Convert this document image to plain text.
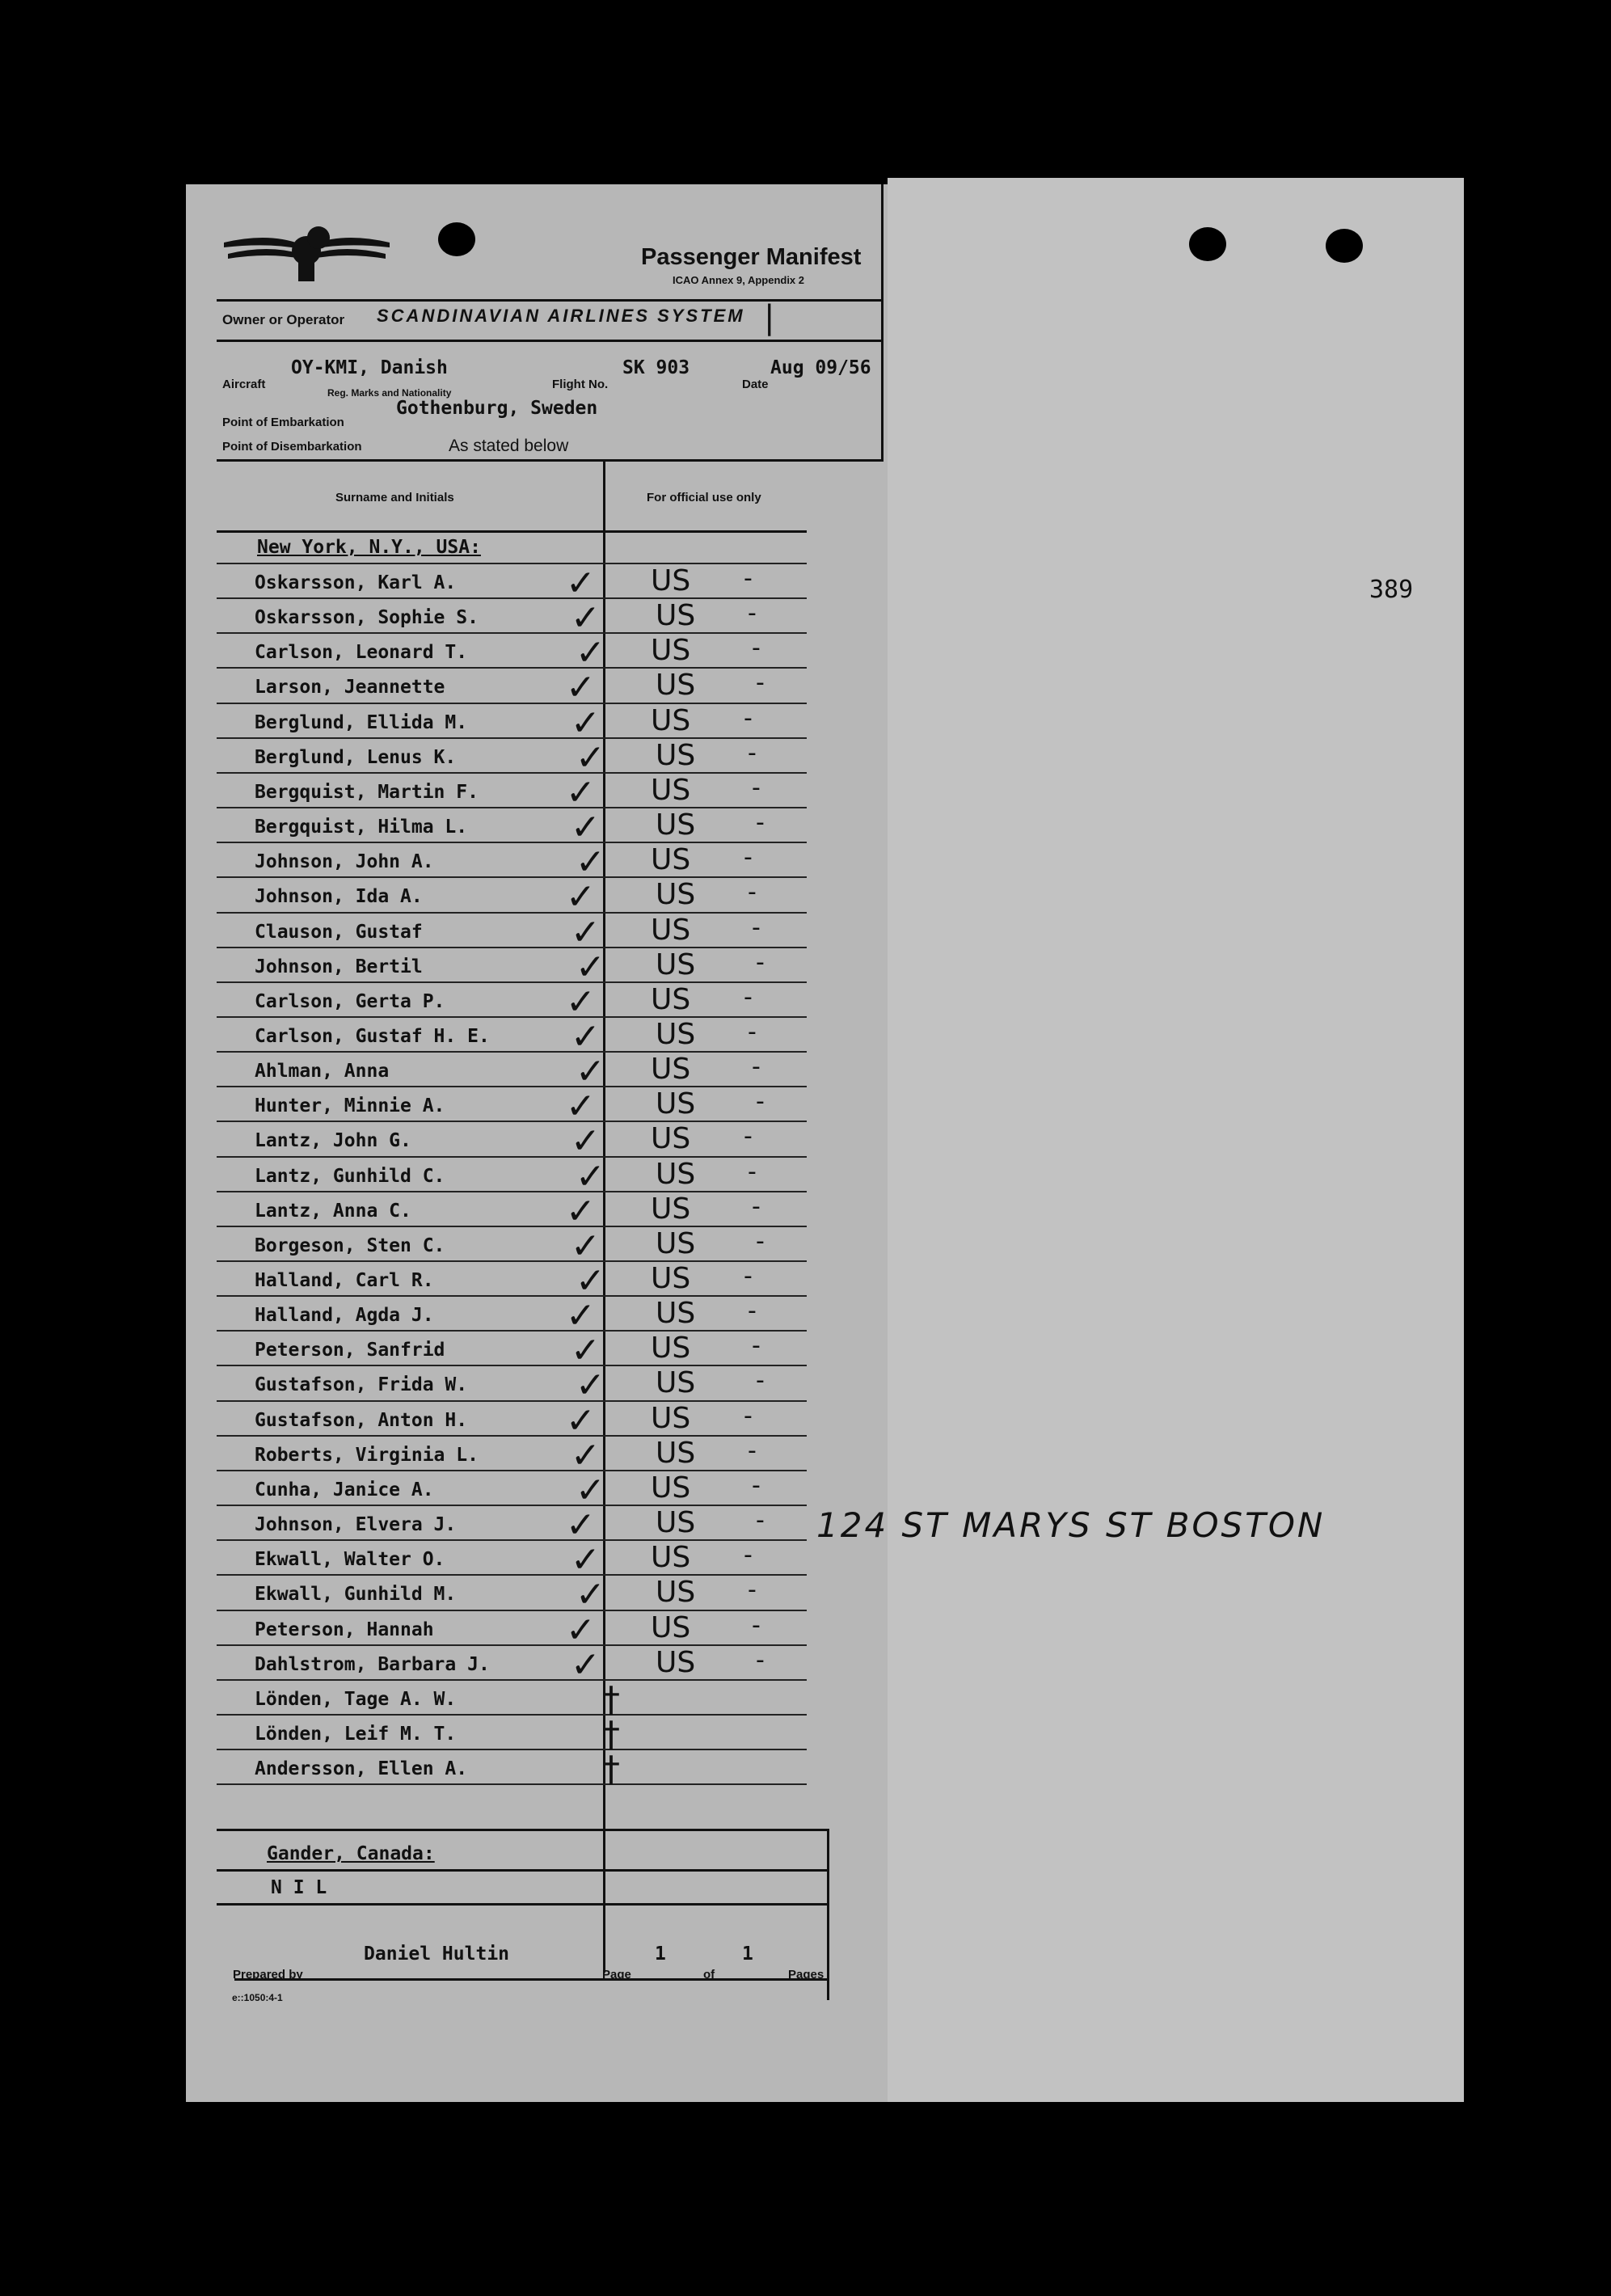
Passenger Manifest
ICAO Annex 9, Appendix 2
Owner or Operator SCANDINAVIAN AIRLINES SYSTEM |
OY-KMI, Danish
Aircraft
Reg. Marks and Nationality
SK 903
Flight No.	Date
Aug 09/56
Gothenburg, Sweden
Point of Embarkation
Point of Disembarkation	As stated below
Surname and Initials	For official use only
New York, N.Y., USA:
Oskarsson, Karl A.	✓ US -
Oskarsson, Sophie S.	✓ US -
Carlson, Leonard T.	✓ US	-
Larson, Jeannette	✓ US -
Berglund, Ellida M.	✓ US -
Berglund, Lenus K.	✓ US -
Bergquist, Martin F. ✓ US	-
Bergquist, Hilma L.	✓ US -
Johnson, John A.	✓ US -
Johnson, Ida A.	✓ US -
Clauson, Gustaf	✓ US	-
Johnson, Bertil	✓ US -
Carlson, Gerta P.	✓ US -
Carlson, Gustaf H. E. ✓ US -
Ahlman, Anna	✓ US	-
Hunter, Minnie A.	✓ US -
Lantz, John G.	✓ US -
Lantz, Gunhild C.	✓ US -
Lantz, Anna C.	✓ US	-
Borgeson, Sten C.	✓ US -
Halland, Carl R.	✓ US -
Halland, Agda J.	✓ US -
Peterson, Sanfrid	✓ US	-
Gustafson, Frida W.	✓ US -
Gustafson, Anton H.	✓ US -
Roberts, Virginia L.	✓ US -
Cunha, Janice A.	✓ US	-
Johnson, Elvera J.	✓ US -
Ekwall, Walter O.	✓ US -
Ekwall, Gunhild M.	✓ US -
Peterson, Hannah	✓ US	-
Dahlstrom, Barbara J. ✓ US -
Lönden, Tage A. W.	†
Lönden, Leif M. T.	†
Andersson, Ellen A.	†
Gander, Canada:
N I L
124 ST MARYS ST BOSTON
389
Daniel Hultin	1	1
Prepared by	Page	of	Pages
e::1050:4-1
